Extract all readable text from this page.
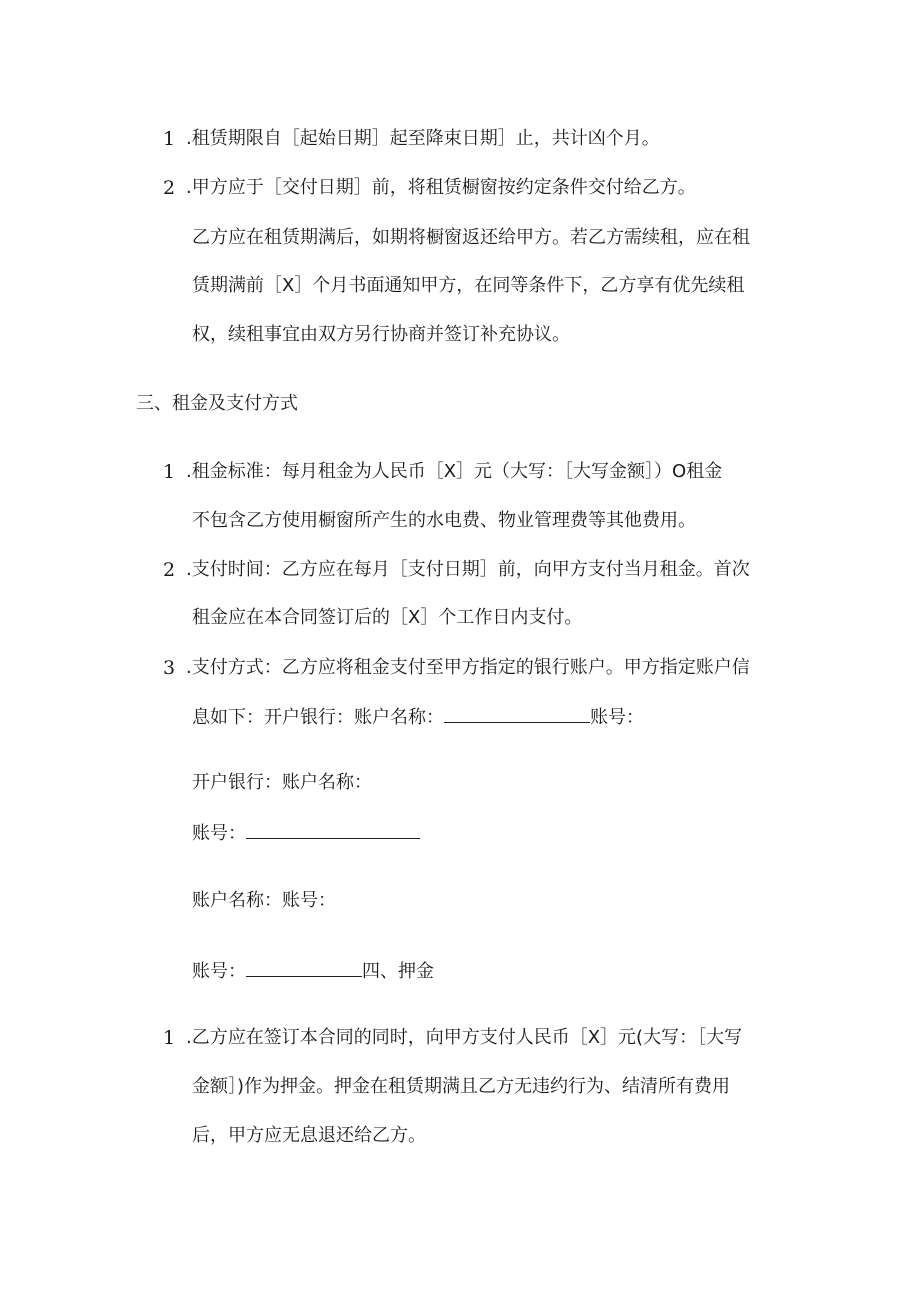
1 .租赁期限自［起始日期］起至降束日期］止，共计凶个月。
2 .甲方应于［交付日期］前，将租赁橱窗按约定条件交付给乙方。
乙方应在租赁期满后，如期将橱窗返还给甲方。若乙方需续租，应在租
赁期满前［X］个月书面通知甲方，在同等条件下，乙方享有优先续租
权，续租事宜由双方另行协商并签订补充协议。
三、租金及支付方式
1 .租金标准：每月租金为人民币［X］元（大写：［大写金额］）O租金
不包含乙方使用橱窗所产生的水电费、物业管理费等其他费用。
2 .支付时间：乙方应在每月［支付日期］前，向甲方支付当月租金。首次
租金应在本合同签订后的［X］个工作日内支付。
3 .支付方式：乙方应将租金支付至甲方指定的银行账户。甲方指定账户信
息如下：开户银行：账户名称：	账号：
开户银行：账户名称：
账号：
账户名称：账号：
账号：	四、押金
1 .乙方应在签订本合同的同时，向甲方支付人民币［X］元(大写：［大写
金额］)作为押金。押金在租赁期满且乙方无违约行为、结清所有费用
后，甲方应无息退还给乙方。
